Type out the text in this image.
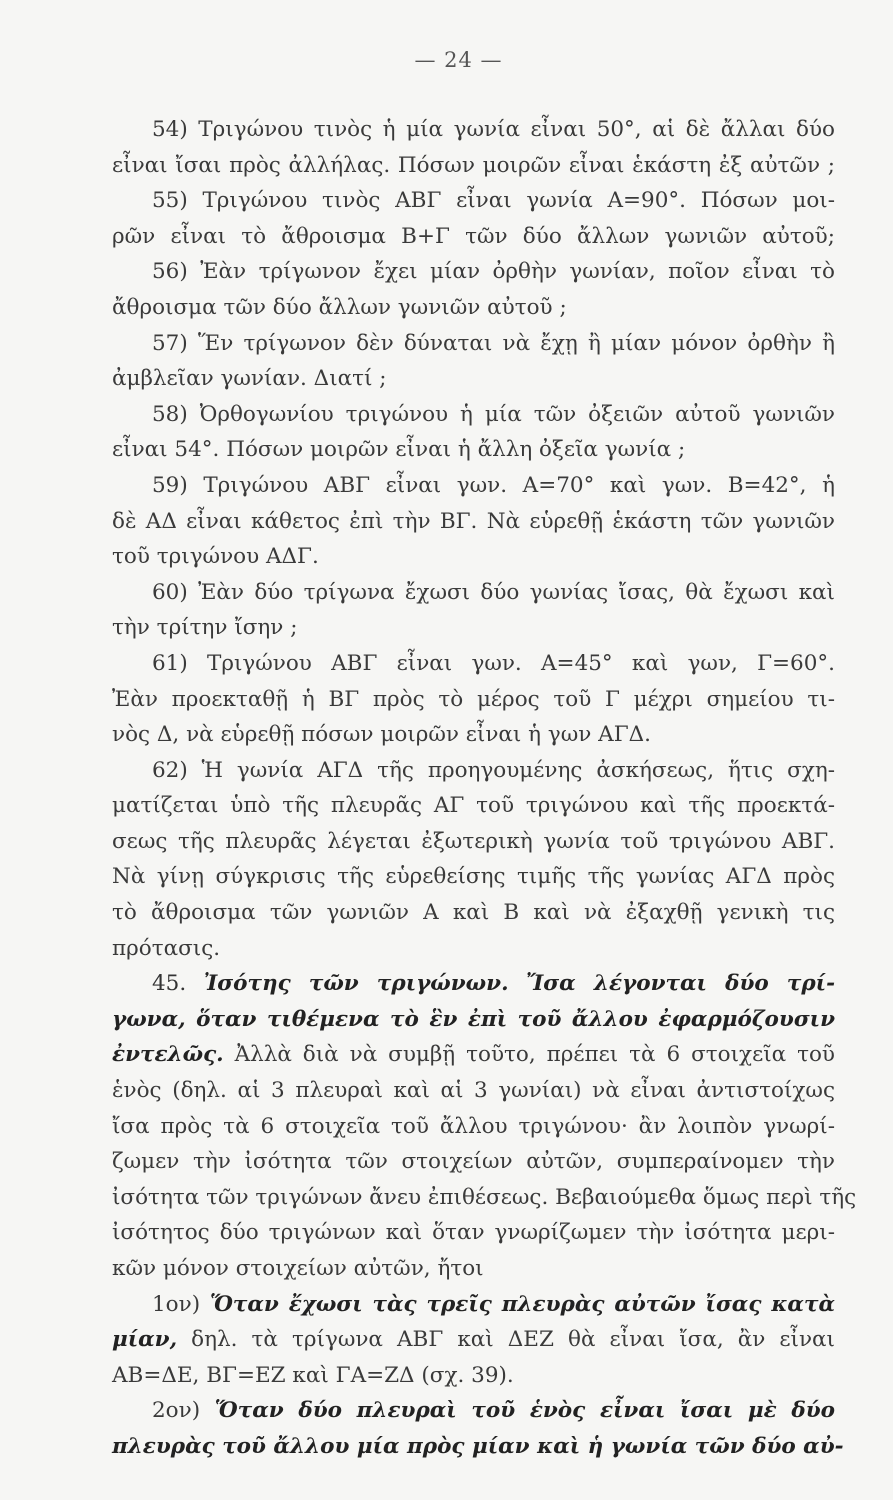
— 24 —
54) Τριγώνου τινὸς ἡ μία γωνία εἶναι 50°, αἱ δὲ ἄλλαι δύο
εἶναι ἴσαι πρὸς ἀλλήλας. Πόσων μοιρῶν εἶναι ἑκάστη ἐξ αὐτῶν ;
55) Τριγώνου τινὸς ΑΒΓ εἶναι γωνία Α=90°. Πόσων μοι-
ρῶν εἶναι τὸ ἄθροισμα Β+Γ τῶν δύο ἄλλων γωνιῶν αὐτοῦ;
56) Ἐὰν τρίγωνον ἔχει μίαν ὀρθὴν γωνίαν, ποῖον εἶναι τὸ
ἄθροισμα τῶν δύο ἄλλων γωνιῶν αὐτοῦ ;
57) Ἕν τρίγωνον δὲν δύναται νὰ ἔχῃ ἢ μίαν μόνον ὀρθὴν ἢ
ἀμβλεῖαν γωνίαν. Διατί ;
58) Ὀρθογωνίου τριγώνου ἡ μία τῶν ὀξειῶν αὐτοῦ γωνιῶν
εἶναι 54°. Πόσων μοιρῶν εἶναι ἡ ἄλλη ὀξεῖα γωνία ;
59) Τριγώνου ΑΒΓ εἶναι γων. Α=70° καὶ γων. Β=42°, ἡ
δὲ ΑΔ εἶναι κάθετος ἐπὶ τὴν ΒΓ. Νὰ εὑρεθῇ ἑκάστη τῶν γωνιῶν
τοῦ τριγώνου ΑΔΓ.
60) Ἐὰν δύο τρίγωνα ἔχωσι δύο γωνίας ἴσας, θὰ ἔχωσι καὶ
τὴν τρίτην ἴσην ;
61) Τριγώνου ΑΒΓ εἶναι γων. Α=45° καὶ γων, Γ=60°.
Ἐὰν προεκταθῇ ἡ ΒΓ πρὸς τὸ μέρος τοῦ Γ μέχρι σημείου τι-
νὸς Δ, νὰ εὑρεθῇ πόσων μοιρῶν εἶναι ἡ γων ΑΓΔ.
62) Ἡ γωνία ΑΓΔ τῆς προηγουμένης ἀσκήσεως, ἥτις σχη-
ματίζεται ὑπὸ τῆς πλευρᾶς ΑΓ τοῦ τριγώνου καὶ τῆς προεκτά-
σεως τῆς πλευρᾶς λέγεται ἐξωτερικὴ γωνία τοῦ τριγώνου ΑΒΓ.
Νὰ γίνῃ σύγκρισις τῆς εὑρεθείσης τιμῆς τῆς γωνίας ΑΓΔ πρὸς
τὸ ἄθροισμα τῶν γωνιῶν Α καὶ Β καὶ νὰ ἐξαχθῇ γενικὴ τις
πρότασις.
45. Ἰσότης τῶν τριγώνων. Ἴσα λέγονται δύο τρί-
γωνα, ὅταν τιθέμενα τὸ ἓν ἐπὶ τοῦ ἄλλου ἐφαρμόζουσιν
ἐντελῶς. Ἀλλὰ διὰ νὰ συμβῇ τοῦτο, πρέπει τὰ 6 στοιχεῖα τοῦ
ἑνὸς (δηλ. αἱ 3 πλευραὶ καὶ αἱ 3 γωνίαι) νὰ εἶναι ἀντιστοίχως
ἴσα πρὸς τὰ 6 στοιχεῖα τοῦ ἄλλου τριγώνου· ἂν λοιπὸν γνωρί-
ζωμεν τὴν ἰσότητα τῶν στοιχείων αὐτῶν, συμπεραίνομεν τὴν
ἰσότητα τῶν τριγώνων ἄνευ ἐπιθέσεως. Βεβαιούμεθα ὅμως περὶ τῆς
ἰσότητος δύο τριγώνων καὶ ὅταν γνωρίζωμεν τὴν ἰσότητα μερι-
κῶν μόνον στοιχείων αὐτῶν, ἤτοι
1ον) Ὅταν ἔχωσι τὰς τρεῖς πλευρὰς αὐτῶν ἴσας κατὰ
μίαν, δηλ. τὰ τρίγωνα ΑΒΓ καὶ ΔΕΖ θὰ εἶναι ἴσα, ἂν εἶναι
ΑΒ=ΔΕ, ΒΓ=ΕΖ καὶ ΓΑ=ΖΔ (σχ. 39).
2ον) Ὅταν δύο πλευραὶ τοῦ ἑνὸς εἶναι ἴσαι μὲ δύο
πλευρὰς τοῦ ἄλλου μία πρὸς μίαν καὶ ἡ γωνία τῶν δύο αὐ-
